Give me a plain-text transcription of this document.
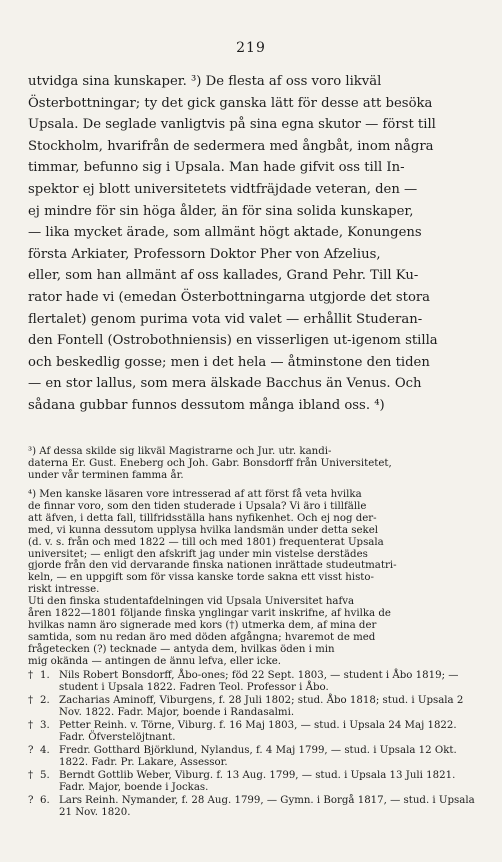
219

utvidga sina kunskaper. ³) De flesta af oss voro likväl

Österbottningar; ty det gick ganska lätt för desse att besöka

Upsala. De seglade vanligtvis på sina egna skutor — först till

Stockholm, hvarifrån de sedermera med ångbåt, inom några

timmar, befunno sig i Upsala. Man hade gifvit oss till In-

spektor ej blott universitetets vidtfräjdade veteran, den —

ej mindre för sin höga ålder, än för sina solida kunskaper,

— lika mycket ärade, som allmänt högt aktade, Konungens

första Arkiater, Professorn Doktor Pher von Afzelius,

eller, som han allmänt af oss kallades, Grand Pehr. Till Ku-

rator hade vi (emedan Österbottningarna utgjorde det stora

flertalet) genom purima vota vid valet — erhållit Studeran-

den Fontell (Ostrobothniensis) en visserligen ut-igenom stilla

och beskedlig gosse; men i det hela — åtminstone den tiden

— en stor lallus, som mera älskade Bacchus än Venus. Och

sådana gubbar funnos dessutom många ibland oss. ⁴)

³) Af dessa skilde sig likväl Magistrarne och Jur. utr. kandi-

daterna Er. Gust. Eneberg och Joh. Gabr. Bonsdorff från Universitetet,

under vår terminen famma år.

⁴) Men kanske läsaren vore intresserad af att först få veta hvilka

de finnar voro, som den tiden studerade i Upsala? Vi äro i tillfälle

att äfven, i detta fall, tillfridsställa hans nyfikenhet. Och ej nog der-

med, vi kunna dessutom upplysa hvilka landsmän under detta sekel

(d. v. s. från och med 1822 — till och med 1801) frequenterat Upsala

universitet; — enligt den afskrift jag under min vistelse derstädes

gjorde från den vid dervarande finska nationen inrättade studeutmatri-

keln, — en uppgift som för vissa kanske torde sakna ett visst histo-

riskt intresse.

Uti den finska studentafdelningen vid Upsala Universitet hafva

åren 1822—1801 följande finska ynglingar varit inskrifne, af hvilka de

hvilkas namn äro signerade med kors (†) utmerka dem, af mina der

samtida, som nu redan äro med döden afgångna; hvaremot de med

frågetecken (?) tecknade — antyda dem, hvilkas öden i min

mig okända — antingen de ännu lefva, eller icke.

† 1. Nils Robert Bonsdorff, Åbo-ones; föd 22 Sept. 1803, — student i Åbo 1819; — student i Upsala 1822. Fadren Teol. Professor i Åbo.
† 2. Zacharias Aminoff, Viburgens, f. 28 Juli 1802; stud. Åbo 1818; stud. i Upsala 2 Nov. 1822. Fadr. Major, boende i Randasalmi.
† 3. Petter Reinh. v. Törne, Viburg. f. 16 Maj 1803, — stud. i Upsala 24 Maj 1822. Fadr. Öfverstelöjtnant.
? 4. Fredr. Gotthard Björklund, Nylandus, f. 4 Maj 1799, — stud. i Upsala 12 Okt. 1822. Fadr. Pr. Lakare, Assessor.
† 5. Berndt Gottlib Weber, Viburg. f. 13 Aug. 1799, — stud. i Upsala 13 Juli 1821. Fadr. Major, boende i Jockas.
? 6. Lars Reinh. Nymander, f. 28 Aug. 1799, — Gymn. i Borgå 1817, — stud. i Upsala 21 Nov. 1820.
